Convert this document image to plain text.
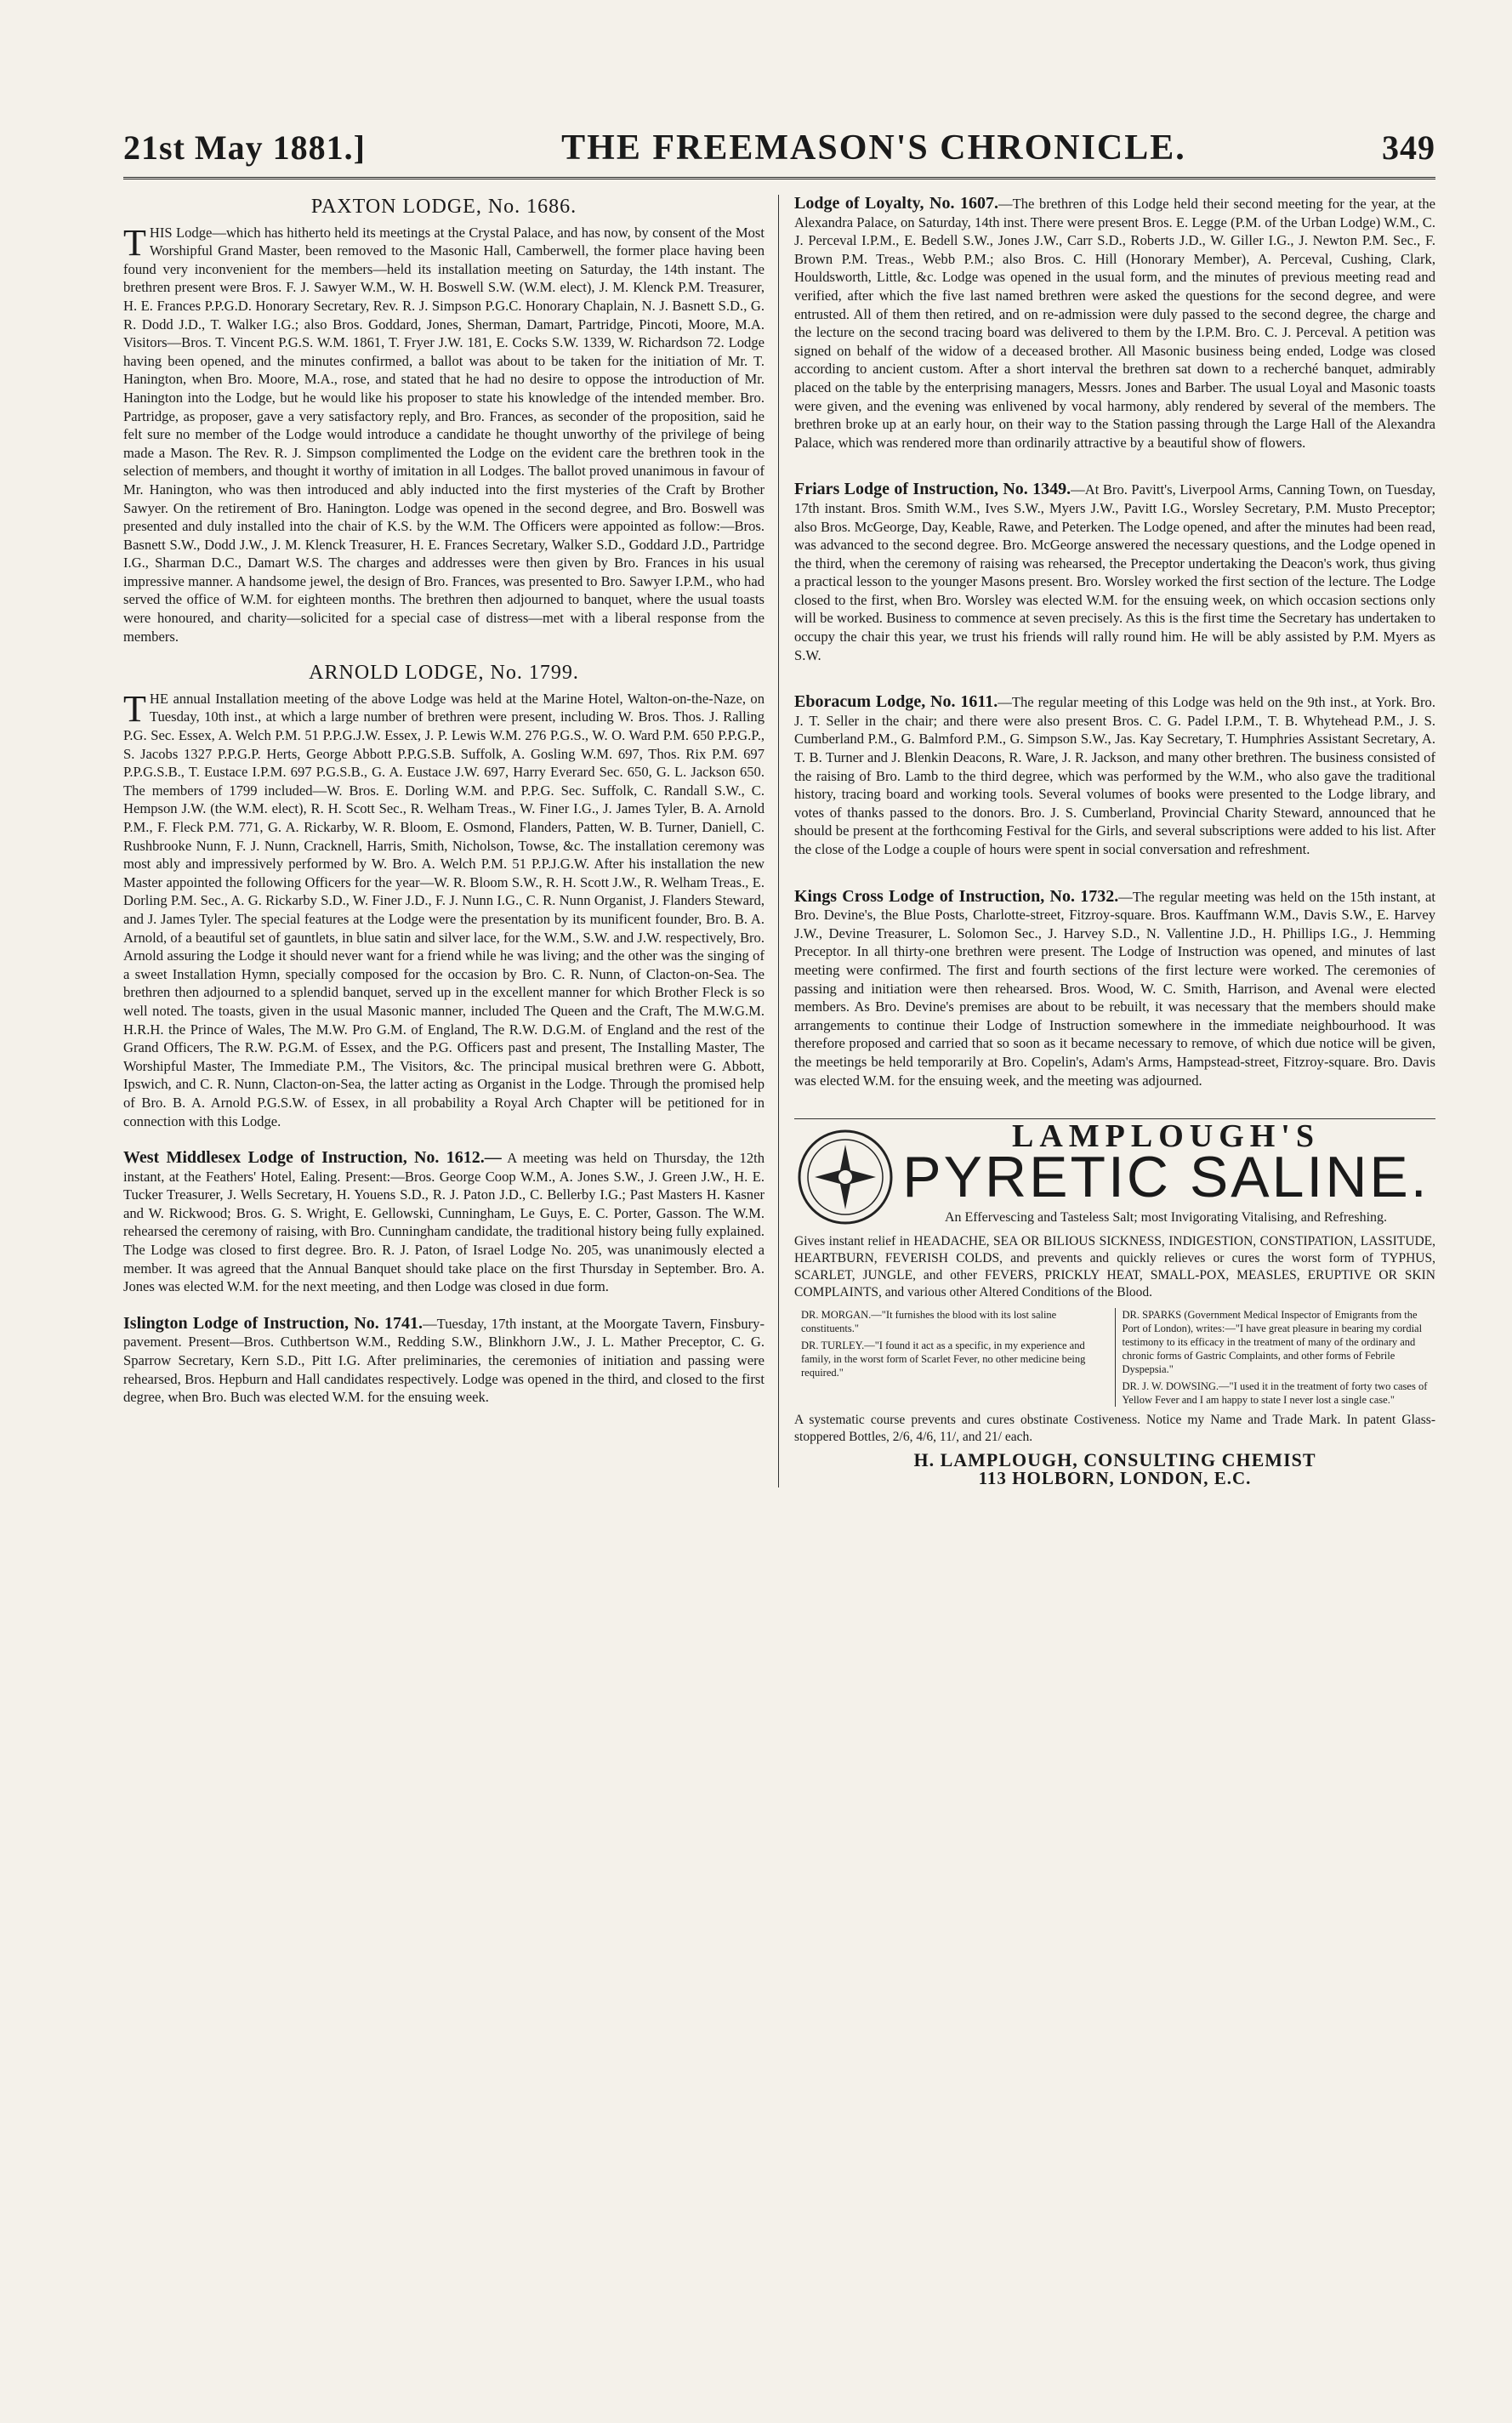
21st May 1881.]	THE FREEMASON'S CHRONICLE.	349
PAXTON LODGE, No. 1686.

THIS Lodge—which has hitherto held its meetings at the Crystal Palace, and has now, by consent of the Most Worshipful Grand Master, been removed to the Masonic Hall, Camberwell, the former place having been found very inconvenient for the members—held its installation meeting on Saturday, the 14th instant. The brethren present were Bros. F. J. Sawyer W.M., W. H. Boswell S.W. (W.M. elect), J. M. Klenck P.M. Treasurer, H. E. Frances P.P.G.D. Honorary Secretary, Rev. R. J. Simpson P.G.C. Honorary Chaplain, N. J. Basnett S.D., G. R. Dodd J.D., T. Walker I.G.; also Bros. Goddard, Jones, Sherman, Damart, Partridge, Pincoti, Moore, M.A. Visitors—Bros. T. Vincent P.G.S. W.M. 1861, T. Fryer J.W. 181, E. Cocks S.W. 1339, W. Richardson 72. Lodge having been opened, and the minutes confirmed, a ballot was about to be taken for the initiation of Mr. T. Hanington, when Bro. Moore, M.A., rose, and stated that he had no desire to oppose the introduction of Mr. Hanington into the Lodge, but he would like his proposer to state his knowledge of the intended member. Bro. Partridge, as proposer, gave a very satisfactory reply, and Bro. Frances, as seconder of the proposition, said he felt sure no member of the Lodge would introduce a candidate he thought unworthy of the privilege of being made a Mason. The Rev. R. J. Simpson complimented the Lodge on the evident care the brethren took in the selection of members, and thought it worthy of imitation in all Lodges. The ballot proved unanimous in favour of Mr. Hanington, who was then introduced and ably inducted into the first mysteries of the Craft by Brother Sawyer. On the retirement of Bro. Hanington. Lodge was opened in the second degree, and Bro. Boswell was presented and duly installed into the chair of K.S. by the W.M. The Officers were appointed as follow:—Bros. Basnett S.W., Dodd J.W., J. M. Klenck Treasurer, H. E. Frances Secretary, Walker S.D., Goddard J.D., Partridge I.G., Sharman D.C., Damart W.S. The charges and addresses were then given by Bro. Frances in his usual impressive manner. A handsome jewel, the design of Bro. Frances, was presented to Bro. Sawyer I.P.M., who had served the office of W.M. for eighteen months. The brethren then adjourned to banquet, where the usual toasts were honoured, and charity—solicited for a special case of distress—met with a liberal response from the members.

ARNOLD LODGE, No. 1799.

THE annual Installation meeting of the above Lodge was held at the Marine Hotel, Walton-on-the-Naze, on Tuesday, 10th inst., at which a large number of brethren were present, including W. Bros. Thos. J. Ralling P.G. Sec. Essex, A. Welch P.M. 51 P.P.G.J.W. Essex, J. P. Lewis W.M. 276 P.G.S., W. O. Ward P.M. 650 P.P.G.P., S. Jacobs 1327 P.P.G.P. Herts, George Abbott P.P.G.S.B. Suffolk, A. Gosling W.M. 697, Thos. Rix P.M. 697 P.P.G.S.B., T. Eustace I.P.M. 697 P.G.S.B., G. A. Eustace J.W. 697, Harry Everard Sec. 650, G. L. Jackson 650. The members of 1799 included—W. Bros. E. Dorling W.M. and P.P.G. Sec. Suffolk, C. Randall S.W., C. Hempson J.W. (the W.M. elect), R. H. Scott Sec., R. Welham Treas., W. Finer I.G., J. James Tyler, B. A. Arnold P.M., F. Fleck P.M. 771, G. A. Rickarby, W. R. Bloom, E. Osmond, Flanders, Patten, W. B. Turner, Daniell, C. Rushbrooke Nunn, F. J. Nunn, Cracknell, Harris, Smith, Nicholson, Towse, &c. The installation ceremony was most ably and impressively performed by W. Bro. A. Welch P.M. 51 P.P.J.G.W. After his installation the new Master appointed the following Officers for the year—W. R. Bloom S.W., R. H. Scott J.W., R. Welham Treas., E. Dorling P.M. Sec., A. G. Rickarby S.D., W. Finer J.D., F. J. Nunn I.G., C. R. Nunn Organist, J. Flanders Steward, and J. James Tyler. The special features at the Lodge were the presentation by its munificent founder, Bro. B. A. Arnold, of a beautiful set of gauntlets, in blue satin and silver lace, for the W.M., S.W. and J.W. respectively, Bro. Arnold assuring the Lodge it should never want for a friend while he was living; and the other was the singing of a sweet Installation Hymn, specially composed for the occasion by Bro. C. R. Nunn, of Clacton-on-Sea. The brethren then adjourned to a splendid banquet, served up in the excellent manner for which Brother Fleck is so well noted. The toasts, given in the usual Masonic manner, included The Queen and the Craft, The M.W.G.M. H.R.H. the Prince of Wales, The M.W. Pro G.M. of England, The R.W. D.G.M. of England and the rest of the Grand Officers, The R.W. P.G.M. of Essex, and the P.G. Officers past and present, The Installing Master, The Worshipful Master, The Immediate P.M., The Visitors, &c. The principal musical brethren were G. Abbott, Ipswich, and C. R. Nunn, Clacton-on-Sea, the latter acting as Organist in the Lodge. Through the promised help of Bro. B. A. Arnold P.G.S.W. of Essex, in all probability a Royal Arch Chapter will be petitioned for in connection with this Lodge.

West Middlesex Lodge of Instruction, No. 1612.— A meeting was held on Thursday, the 12th instant, at the Feathers' Hotel, Ealing. Present:—Bros. George Coop W.M., A. Jones S.W., J. Green J.W., H. E. Tucker Treasurer, J. Wells Secretary, H. Youens S.D., R. J. Paton J.D., C. Bellerby I.G.; Past Masters H. Kasner and W. Rickwood; Bros. G. S. Wright, E. Gellowski, Cunningham, Le Guys, E. C. Porter, Gasson. The W.M. rehearsed the ceremony of raising, with Bro. Cunningham candidate, the traditional history being fully explained. The Lodge was closed to first degree. Bro. R. J. Paton, of Israel Lodge No. 205, was unanimously elected a member. It was agreed that the Annual Banquet should take place on the first Thursday in September. Bro. A. Jones was elected W.M. for the next meeting, and then Lodge was closed in due form.

Islington Lodge of Instruction, No. 1741.—Tuesday, 17th instant, at the Moorgate Tavern, Finsbury-pavement. Present—Bros. Cuthbertson W.M., Redding S.W., Blinkhorn J.W., J. L. Mather Preceptor, C. G. Sparrow Secretary, Kern S.D., Pitt I.G. After preliminaries, the ceremonies of initiation and passing were rehearsed, Bros. Hepburn and Hall candidates respectively. Lodge was opened in the third, and closed to the first degree, when Bro. Buch was elected W.M. for the ensuing week.

Lodge of Loyalty, No. 1607.—The brethren of this Lodge held their second meeting for the year, at the Alexandra Palace, on Saturday, 14th inst. There were present Bros. E. Legge (P.M. of the Urban Lodge) W.M., C. J. Perceval I.P.M., E. Bedell S.W., Jones J.W., Carr S.D., Roberts J.D., W. Giller I.G., J. Newton P.M. Sec., F. Brown P.M. Treas., Webb P.M.; also Bros. C. Hill (Honorary Member), A. Perceval, Cushing, Clark, Houldsworth, Little, &c. Lodge was opened in the usual form, and the minutes of previous meeting read and verified, after which the five last named brethren were asked the questions for the second degree, and were entrusted. All of them then retired, and on re-admission were duly passed to the second degree, the charge and the lecture on the second tracing board was delivered to them by the I.P.M. Bro. C. J. Perceval. A petition was signed on behalf of the widow of a deceased brother. All Masonic business being ended, Lodge was closed according to ancient custom. After a short interval the brethren sat down to a recherché banquet, admirably placed on the table by the enterprising managers, Messrs. Jones and Barber. The usual Loyal and Masonic toasts were given, and the evening was enlivened by vocal harmony, ably rendered by several of the members. The brethren broke up at an early hour, on their way to the Station passing through the Large Hall of the Alexandra Palace, which was rendered more than ordinarily attractive by a beautiful show of flowers.

Friars Lodge of Instruction, No. 1349.—At Bro. Pavitt's, Liverpool Arms, Canning Town, on Tuesday, 17th instant. Bros. Smith W.M., Ives S.W., Myers J.W., Pavitt I.G., Worsley Secretary, P.M. Musto Preceptor; also Bros. McGeorge, Day, Keable, Rawe, and Peterken. The Lodge opened, and after the minutes had been read, was advanced to the second degree. Bro. McGeorge answered the necessary questions, and the Lodge opened in the third, when the ceremony of raising was rehearsed, the Preceptor undertaking the Deacon's work, thus giving a practical lesson to the younger Masons present. Bro. Worsley worked the first section of the lecture. The Lodge closed to the first, when Bro. Worsley was elected W.M. for the ensuing week, on which occasion sections only will be worked. Business to commence at seven precisely. As this is the first time the Secretary has undertaken to occupy the chair this year, we trust his friends will rally round him. He will be ably assisted by P.M. Myers as S.W.

Eboracum Lodge, No. 1611.—The regular meeting of this Lodge was held on the 9th inst., at York. Bro. J. T. Seller in the chair; and there were also present Bros. C. G. Padel I.P.M., T. B. Whytehead P.M., J. S. Cumberland P.M., G. Balmford P.M., G. Simpson S.W., Jas. Kay Secretary, T. Humphries Assistant Secretary, A. T. B. Turner and J. Blenkin Deacons, R. Ware, J. R. Jackson, and many other brethren. The business consisted of the raising of Bro. Lamb to the third degree, which was performed by the W.M., who also gave the traditional history, tracing board and working tools. Several volumes of books were presented to the Lodge library, and votes of thanks passed to the donors. Bro. J. S. Cumberland, Provincial Charity Steward, announced that he should be present at the forthcoming Festival for the Girls, and several subscriptions were added to his list. After the close of the Lodge a couple of hours were spent in social conversation and refreshment.

Kings Cross Lodge of Instruction, No. 1732.—The regular meeting was held on the 15th instant, at Bro. Devine's, the Blue Posts, Charlotte-street, Fitzroy-square. Bros. Kauffmann W.M., Davis S.W., E. Harvey J.W., Devine Treasurer, L. Solomon Sec., J. Harvey S.D., N. Vallentine J.D., H. Phillips I.G., J. Hemming Preceptor. In all thirty-one brethren were present. The Lodge of Instruction was opened, and minutes of last meeting were confirmed. The first and fourth sections of the first lecture were worked. The ceremonies of passing and initiation were then rehearsed. Bros. Wood, W. C. Smith, Harrison, and Avenal were elected members. As Bro. Devine's premises are about to be rebuilt, it was necessary that the members should make arrangements to continue their Lodge of Instruction somewhere in the immediate neighbourhood. It was therefore proposed and carried that so soon as it became necessary to remove, of which due notice will be given, the meetings be held temporarily at Bro. Copelin's, Adam's Arms, Hampstead-street, Fitzroy-square. Bro. Davis was elected W.M. for the ensuing week, and the meeting was adjourned.

LAMPLOUGH'S
PYRETIC SALINE.
An Effervescing and Tasteless Salt; most Invigorating Vitalising, and Refreshing.
Gives instant relief in HEADACHE, SEA OR BILIOUS SICKNESS, INDIGESTION, CONSTIPATION, LASSITUDE, HEARTBURN, FEVERISH COLDS, and prevents and quickly relieves or cures the worst form of TYPHUS, SCARLET, JUNGLE, and other FEVERS, PRICKLY HEAT, SMALL-POX, MEASLES, ERUPTIVE OR SKIN COMPLAINTS, and various other Altered Conditions of the Blood.
DR. MORGAN.—"It furnishes the blood with its lost saline constituents."
DR. TURLEY.—"I found it act as a specific, in my experience and family, in the worst form of Scarlet Fever, no other medicine being required."
DR. SPARKS (Government Medical Inspector of Emigrants from the Port of London), writes:—"I have great pleasure in bearing my cordial testimony to its efficacy in the treatment of many of the ordinary and chronic forms of Gastric Complaints, and other forms of Febrile Dyspepsia."
DR. J. W. DOWSING.—"I used it in the treatment of forty two cases of Yellow Fever and I am happy to state I never lost a single case."
A systematic course prevents and cures obstinate Costiveness. Notice my Name and Trade Mark. In patent Glass-stoppered Bottles, 2/6, 4/6, 11/, and 21/ each.
H. LAMPLOUGH, CONSULTING CHEMIST
113 HOLBORN, LONDON, E.C.
